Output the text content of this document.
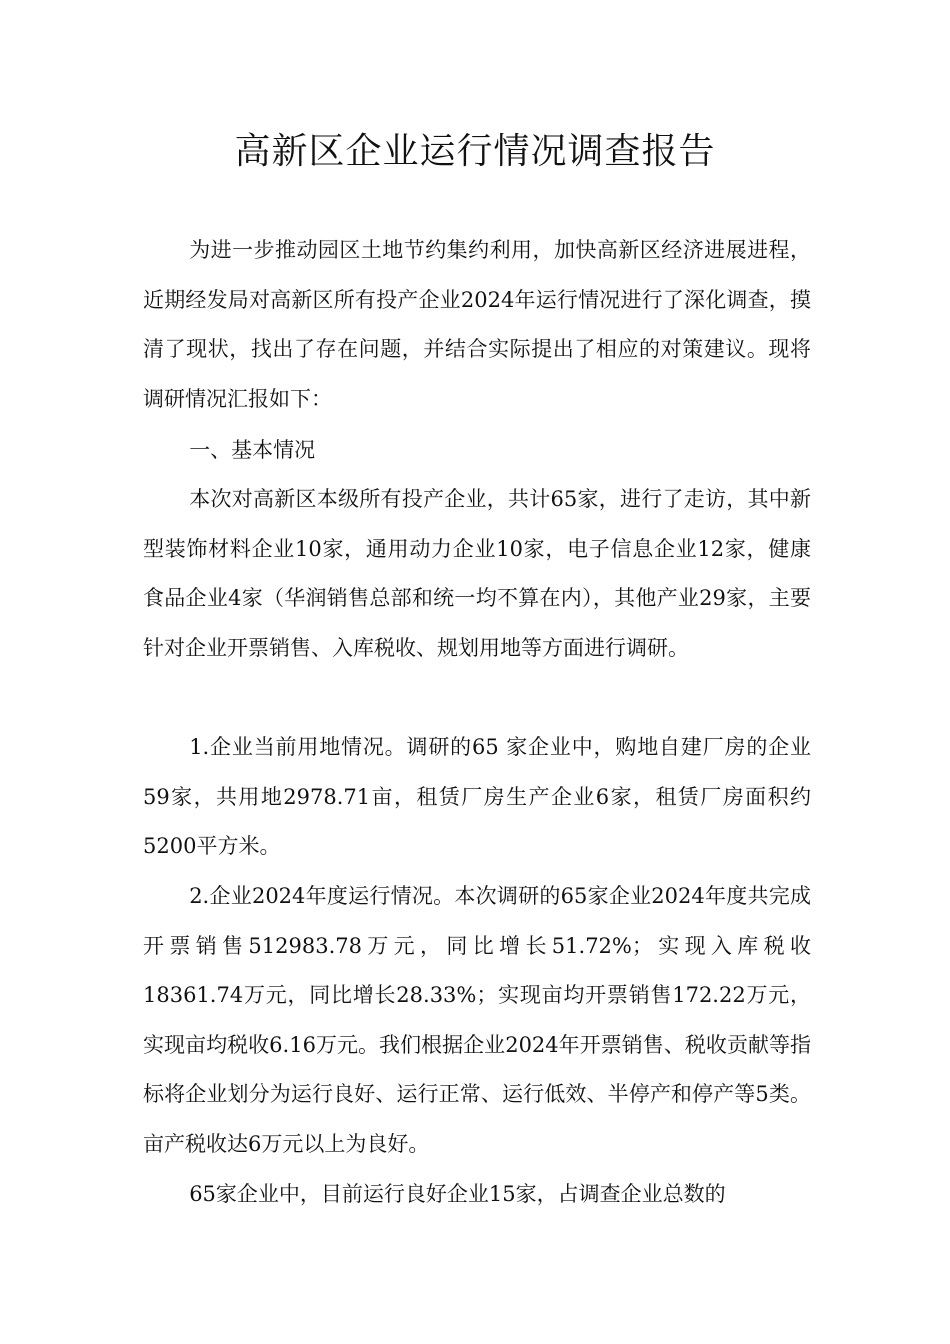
高新区企业运行情况调查报告

为进一步推动园区土地节约集约利用，加快高新区经济进展进程，近期经发局对高新区所有投产企业2024年运行情况进行了深化调查，摸清了现状，找出了存在问题，并结合实际提出了相应的对策建议。现将调研情况汇报如下：

一、基本情况

本次对高新区本级所有投产企业，共计65家，进行了走访，其中新型装饰材料企业10家，通用动力企业10家，电子信息企业12家，健康食品企业4家（华润销售总部和统一均不算在内），其他产业29家，主要针对企业开票销售、入库税收、规划用地等方面进行调研。

1.企业当前用地情况。调研的65 家企业中，购地自建厂房的企业59家，共用地2978.71亩，租赁厂房生产企业6家，租赁厂房面积约5200平方米。

2.企业2024年度运行情况。本次调研的65家企业2024年度共完成开票销售512983.78万元，同比增长51.72%；实现入库税收18361.74万元，同比增长28.33%；实现亩均开票销售172.22万元，实现亩均税收6.16万元。我们根据企业2024年开票销售、税收贡献等指标将企业划分为运行良好、运行正常、运行低效、半停产和停产等5类。亩产税收达6万元以上为良好。

65家企业中，目前运行良好企业15家，占调查企业总数的
